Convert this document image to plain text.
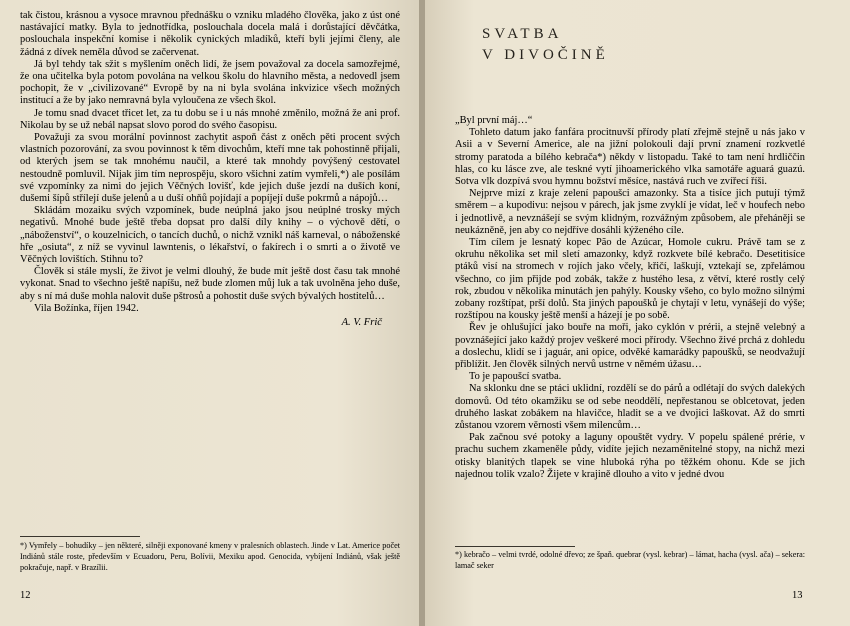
tak čistou, krásnou a vysoce mravnou přednášku o vzniku mladého člověka, jako z úst oné nastávající matky. Byla to jednotřídka, poslouchala docela malá i dorůstající děvčátka, poslouchala inspekční komise i několik cynických mladíků, kteří byli jejími členy, ale žádná z dívek neměla důvod se začervenat.

Já byl tehdy tak sžit s myšlením oněch lidí, že jsem považoval za docela samozřejmé, že ona učitelka byla potom povolána na velkou školu do hlavního města, a nedovedl jsem pochopit, že v „civilizované“ Evropě by na ni byla svolána inkvizice všech možných institucí a že by jako nemravná byla vyloučena ze všech škol.

Je tomu snad dvacet třicet let, za tu dobu se i u nás mnohé změnilo, možná že ani prof. Nikolau by se už nebál napsat slovo porod do svého časopisu.

Považuji za svou morální povinnost zachytit aspoň část z oněch pěti procent svých vlastních pozorování, za svou povinnost k těm divochům, kteří mne tak pohostinně přijali, od kterých jsem se tak mnohému naučil, a které tak mnohdy povýšený cestovatel nestoudně pomluvil. Nijak jim tím neprospěju, skoro všichni zatím vymřeli,*) ale posílám své vzpomínky za nimi do jejich Věčných lovišť, kde jejich duše jezdí na duších koní, dušemi šípů střílejí duše jelenů a u duší ohňů pojídají a popíjejí duše pokrmů a nápojů…

Skládám mozaiku svých vzpomínek, bude neúplná jako jsou neúplné trosky mých negativů. Mnohé bude ještě třeba dopsat pro další díly knihy – o výchově dětí, o „náboženství“, o kouzelnicích, o tancích duchů, o nichž vznikl náš karneval, o náboženské hře „osiuta“, z níž se vyvinul lawntenis, o lékařství, o fakírech i o smrti a o životě ve Věčných lovištích. Stihnu to?

Člověk si stále myslí, že život je velmi dlouhý, že bude mít ještě dost času tak mnohé vykonat. Snad to všechno ještě napíšu, než bude zlomen můj luk a tak uvolněna jeho duše, aby s ní má duše mohla nalovit duše pštrosů a pohostit duše svých bývalých hostitelů…

Vila Božínka, říjen 1942.

A. V. Frič
*) Vymřely – bohudíky – jen některé, silněji exponované kmeny v pralesních oblastech. Jinde v Lat. Americe počet Indiánů stále roste, především v Ecuadoru, Peru, Bolívii, Mexiku apod. Genocida, vybíjení Indiánů, však ještě pokračuje, např. v Brazílii.
12
SVATBA
V DIVOČINĚ

„Byl první máj…“

Tohleto datum jako fanfára procitnuvší přírody platí zřejmě stejně u nás jako v Asii a v Severní Americe, ale na jižní polokouli dají první znamení rozkvetlé stromy paratoda a bílého kebrača*) někdy v listopadu. Také to tam není hrdliččin hlas, co ku lásce zve, ale teskné vytí jihoamerického vlka samotáře aguará guazú. Sotva vlk dozpívá svou hymnu božství měsíce, nastává ruch ve zvířecí říši.

Nejprve mizí z kraje zelení papoušci amazonky. Sta a tisíce jich putují týmž směrem – a kupodivu: nejsou v párech, jak jsme zvyklí je vídat, leč v houfech nebo i jednotlivě, a nevznášejí se svým klidným, rozvážným způsobem, ale přeháněji se neukázněně, jen aby co nejdříve dosáhli kýženého cíle.

Tím cílem je lesnatý kopec Pão de Azúcar, Homole cukru. Právě tam se z okruhu několika set mil sletí amazonky, když rozkvete bílé kebračo. Desetitisíce ptáků visí na stromech v rojích jako včely, křičí, laškují, vztekají se, zpřelámou všechno, co jim přijde pod zobák, takže z hustého lesa, z větví, které rostly celý rok, zbudou v několika minutách jen pahýly. Kousky všeho, co bylo možno silnými zobany rozštípat, prší dolů. Sta jiných papoušků je chytají v letu, vynášejí do výše; rozštípou na kousky ještě menší a házejí je po sobě.

Řev je ohlušující jako bouře na moři, jako cyklón v prérii, a stejně velebný a povznášející jako každý projev veškeré moci přírody. Všechno živé prchá z dohledu a doslechu, klidí se i jaguár, ani opice, odvěké kamarádky papoušků, se neodvažují přiblížit. Jen člověk silných nervů ustrne v němém úžasu…

To je papoušcí svatba.

Na sklonku dne se ptáci uklidní, rozdělí se do párů a odlétají do svých dalekých domovů. Od této okamžiku se od sebe neoddělí, nepřestanou se oblcetovat, jeden druhého laskat zobákem na hlavičce, hladit se a ve dvojici laškovat. Až do smrti zůstanou vzorem věrnosti všem milencům…

Pak začnou své potoky a laguny opouštět vydry. V popelu spálené prérie, v prachu suchem zkameněle půdy, vidíte jejich nezaměnitelné stopy, na nichž mezi otisky blanitých tlapek se vine hluboká rýha po těžkém ohonu. Kde se jich najednou tolik vzalo? Žijete v krajině dlouho a vito v jedné dvou

*) kebračo – velmi tvrdé, odolné dřevo; ze špaň. quebrar (vysl. kebrar) – lámat, hacha (vysl. ača) – sekera: lamač seker
13
